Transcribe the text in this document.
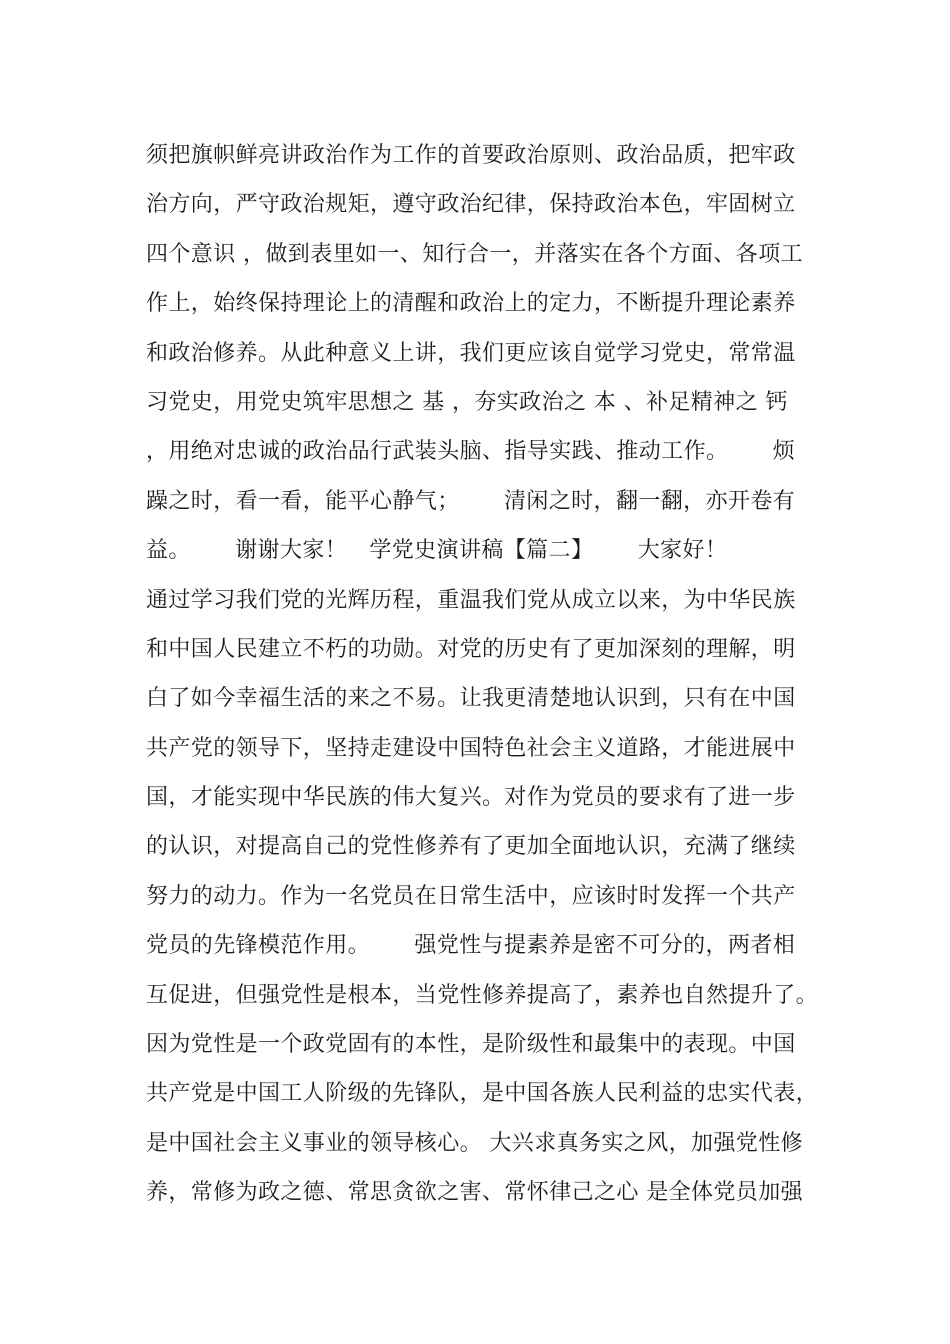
须把旗帜鲜亮讲政治作为工作的首要政治原则、政治品质，把牢政
治方向，严守政治规矩，遵守政治纪律，保持政治本色，牢固树立
四个意识 ，做到表里如一、知行合一，并落实在各个方面、各项工
作上，始终保持理论上的清醒和政治上的定力，不断提升理论素养
和政治修养。从此种意义上讲，我们更应该自觉学习党史，常常温
习党史，用党史筑牢思想之 基 ，夯实政治之 本 、补足精神之 钙
，用绝对忠诚的政治品行武装头脑、指导实践、推动工作。      烦
躁之时，看一看，能平心静气；      清闲之时，翻一翻，亦开卷有
益。      谢谢大家！   学党史演讲稿【篇二】      大家好！
通过学习我们党的光辉历程，重温我们党从成立以来，为中华民族
和中国人民建立不朽的功勋。对党的历史有了更加深刻的理解，明
白了如今幸福生活的来之不易。让我更清楚地认识到，只有在中国
共产党的领导下，坚持走建设中国特色社会主义道路，才能进展中
国，才能实现中华民族的伟大复兴。对作为党员的要求有了进一步
的认识，对提高自己的党性修养有了更加全面地认识，充满了继续
努力的动力。作为一名党员在日常生活中，应该时时发挥一个共产
党员的先锋模范作用。      强党性与提素养是密不可分的，两者相
互促进，但强党性是根本，当党性修养提高了，素养也自然提升了。
因为党性是一个政党固有的本性，是阶级性和最集中的表现。中国
共产党是中国工人阶级的先锋队，是中国各族人民利益的忠实代表，
是中国社会主义事业的领导核心。 大兴求真务实之风，加强党性修
养，常修为政之德、常思贪欲之害、常怀律己之心 是全体党员加强
